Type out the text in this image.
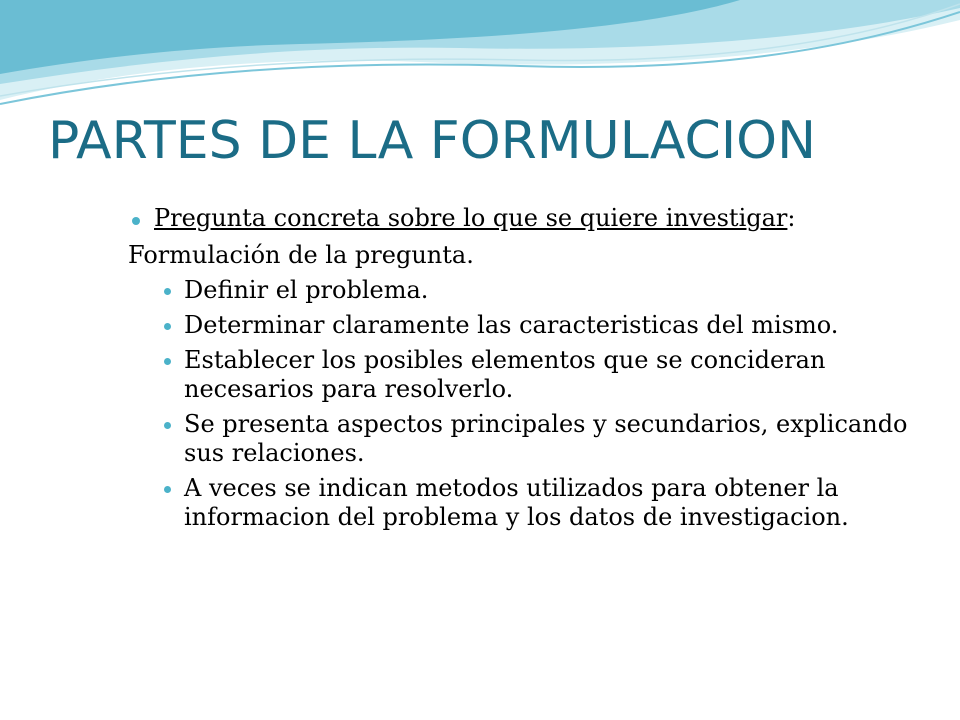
PARTES DE LA FORMULACION
Pregunta concreta sobre lo que se quiere investigar:
Formulación de la pregunta.
Definir el problema.
Determinar claramente las caracteristicas del mismo.
Establecer los posibles elementos que se concideran necesarios para resolverlo.
Se presenta aspectos principales y secundarios, explicando sus relaciones.
A veces se indican metodos utilizados para obtener la informacion del problema y los datos de investigacion.
